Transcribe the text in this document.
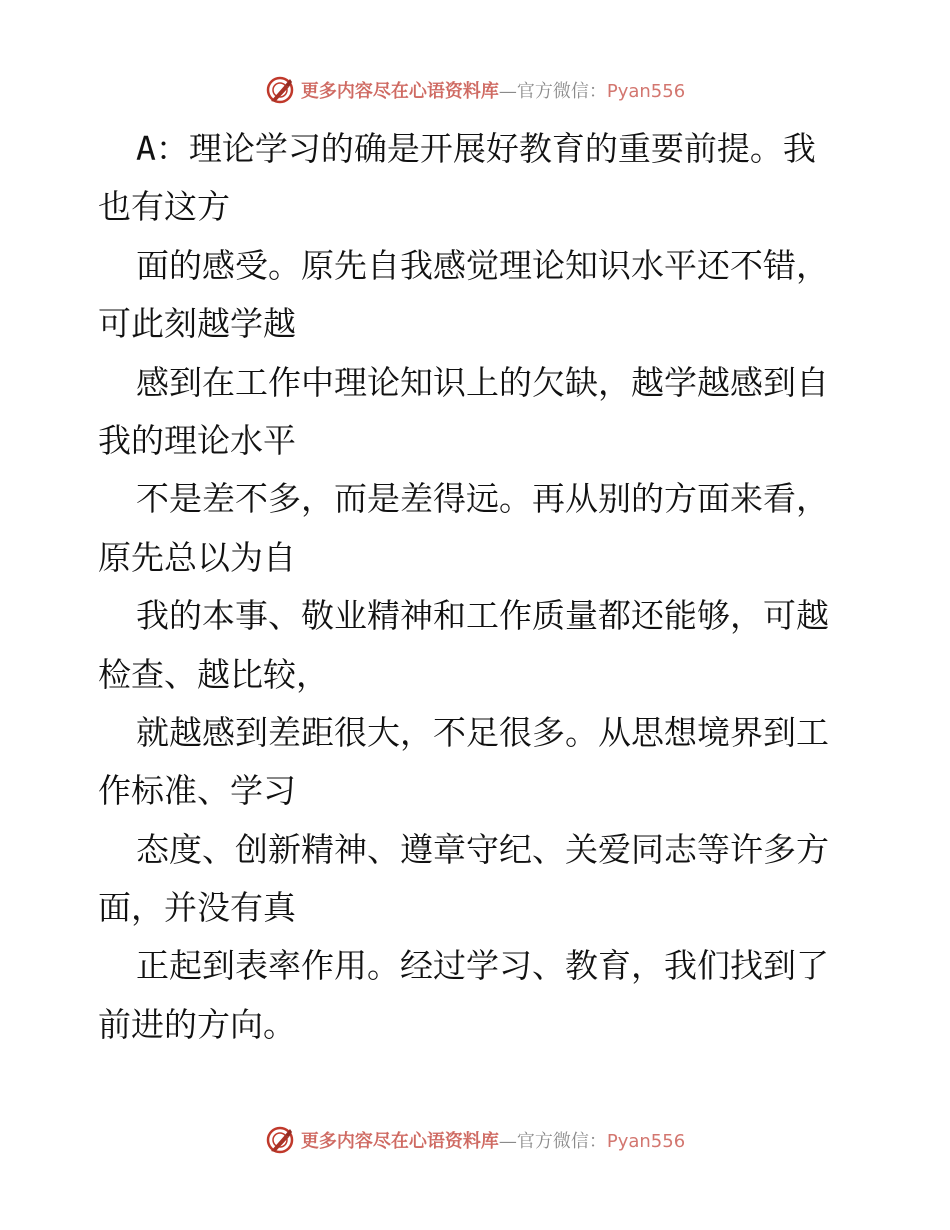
更多内容尽在心语资料库—官方微信：Pyan556
A：理论学习的确是开展好教育的重要前提。我
也有这方
面的感受。原先自我感觉理论知识水平还不错，
可此刻越学越
感到在工作中理论知识上的欠缺，越学越感到自
我的理论水平
不是差不多，而是差得远。再从别的方面来看，
原先总以为自
我的本事、敬业精神和工作质量都还能够，可越
检查、越比较，
就越感到差距很大，不足很多。从思想境界到工
作标准、学习
态度、创新精神、遵章守纪、关爱同志等许多方
面，并没有真
正起到表率作用。经过学习、教育，我们找到了
前进的方向。
更多内容尽在心语资料库—官方微信：Pyan556
